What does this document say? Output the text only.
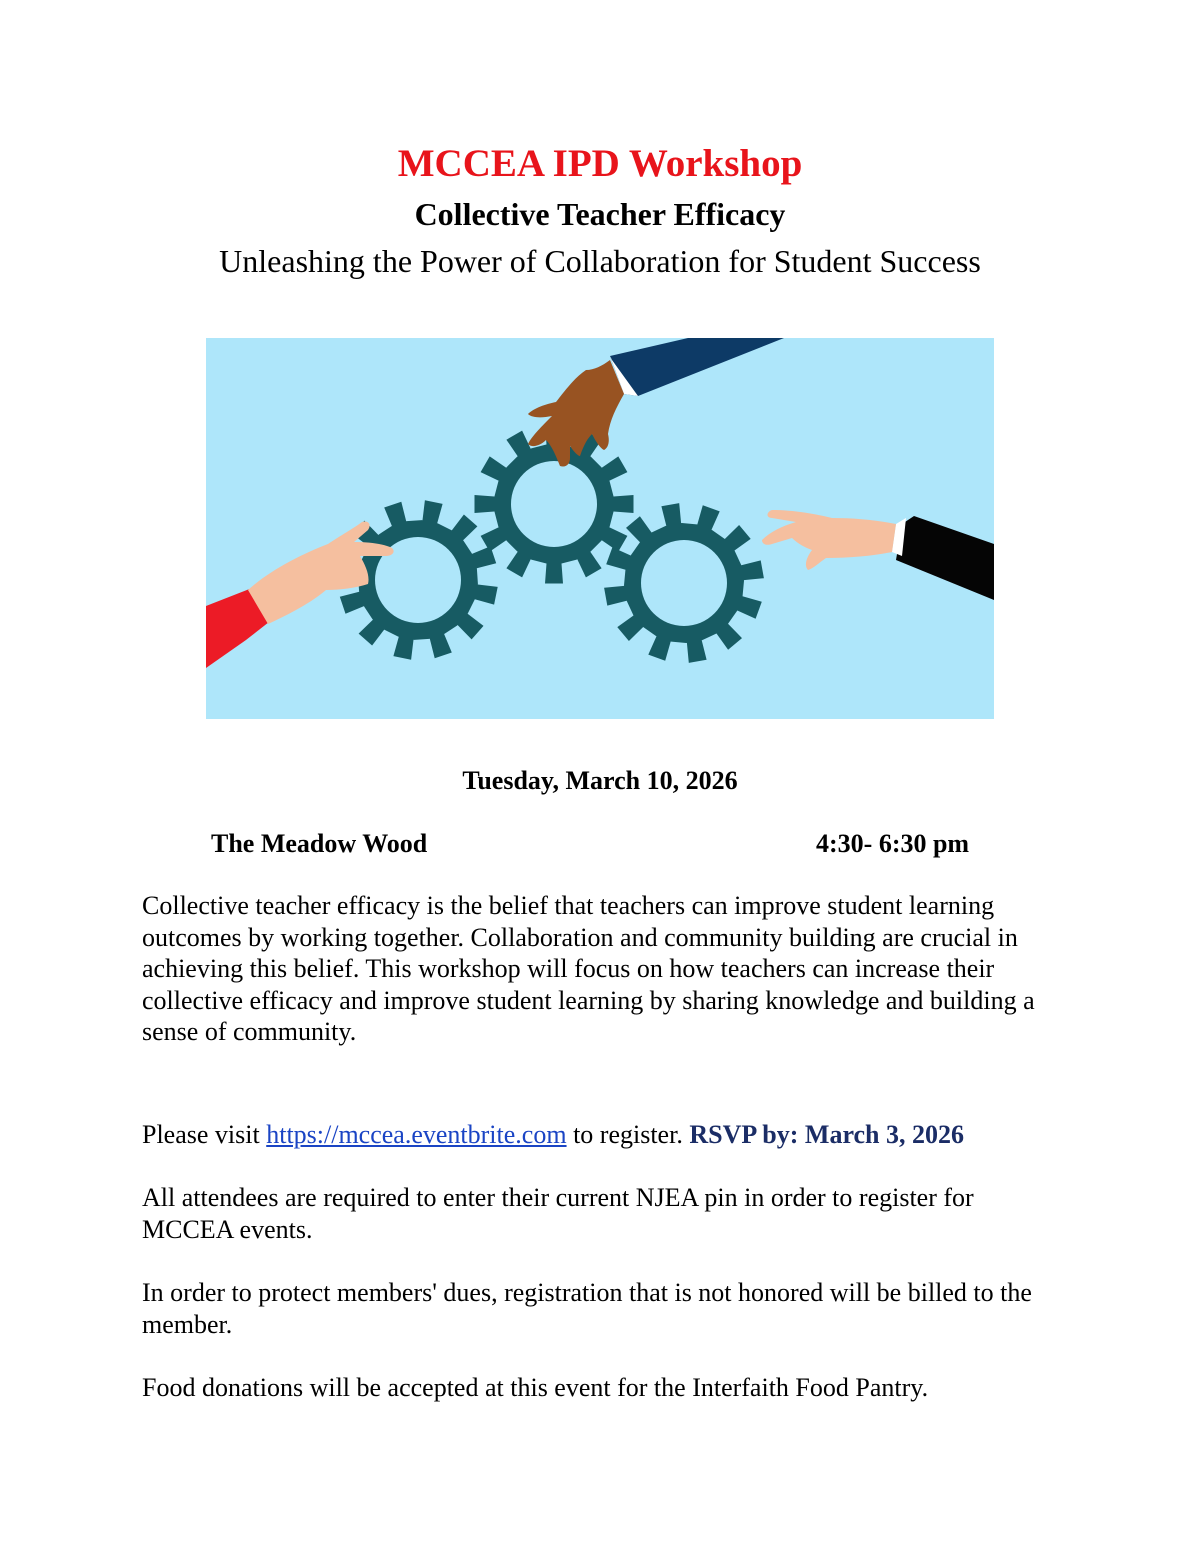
MCCEA IPD Workshop
Collective Teacher Efficacy
Unleashing the Power of Collaboration for Student Success
Tuesday, March 10, 2026
The Meadow Wood	4:30- 6:30 pm
Collective teacher efficacy is the belief that teachers can improve student learning outcomes by working together. Collaboration and community building are crucial in achieving this belief. This workshop will focus on how teachers can increase their collective efficacy and improve student learning by sharing knowledge and building a sense of community.
Please visit https://mccea.eventbrite.com to register. RSVP by: March 3, 2026
All attendees are required to enter their current NJEA pin in order to register for MCCEA events.
In order to protect members' dues, registration that is not honored will be billed to the member.
Food donations will be accepted at this event for the Interfaith Food Pantry.
